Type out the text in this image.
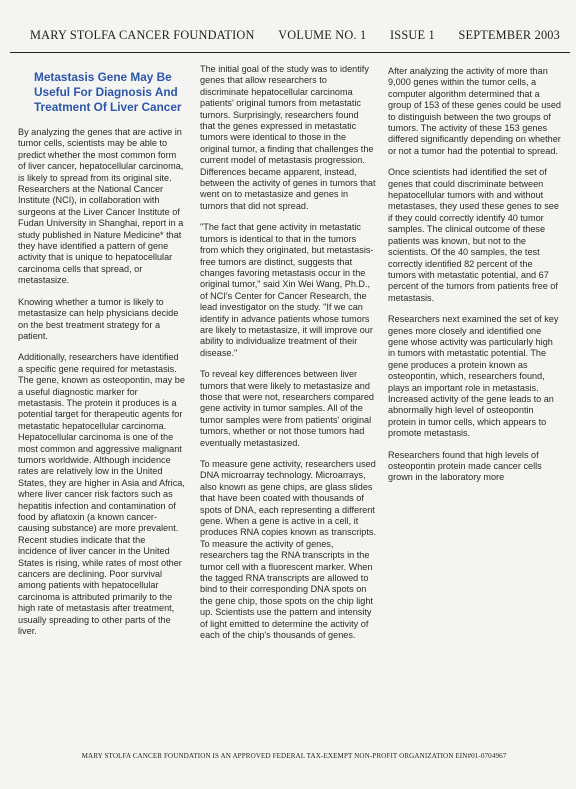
MARY STOLFA CANCER FOUNDATION VOLUME NO. 1 ISSUE 1 SEPTEMBER 2003
Metastasis Gene May Be Useful For Diagnosis And Treatment Of Liver Cancer

By analyzing the genes that are active in tumor cells, scientists may be able to predict whether the most common form of liver cancer, hepatocellular carcinoma, is likely to spread from its original site. Researchers at the National Cancer Institute (NCI), in collaboration with surgeons at the Liver Cancer Institute of Fudan University in Shanghai, report in a study published in Nature Medicine* that they have identified a pattern of gene activity that is unique to hepatocellular carcinoma cells that spread, or metastasize.

Knowing whether a tumor is likely to metastasize can help physicians decide on the best treatment strategy for a patient.

Additionally, researchers have identified a specific gene required for metastasis. The gene, known as osteopontin, may be a useful diagnostic marker for metastasis. The protein it produces is a potential target for therapeutic agents for metastatic hepatocellular carcinoma. Hepatocellular carcinoma is one of the most common and aggressive malignant tumors worldwide. Although incidence rates are relatively low in the United States, they are higher in Asia and Africa, where liver cancer risk factors such as hepatitis infection and contamination of food by aflatoxin (a known cancer-causing substance) are more prevalent. Recent studies indicate that the incidence of liver cancer in the United States is rising, while rates of most other cancers are declining. Poor survival among patients with hepatocellular carcinoma is attributed primarily to the high rate of metastasis after treatment, usually spreading to other parts of the liver.

The initial goal of the study was to identify genes that allow researchers to discriminate hepatocellular carcinoma patients' original tumors from metastatic tumors. Surprisingly, researchers found that the genes expressed in metastatic tumors were identical to those in the original tumor, a finding that challenges the current model of metastasis progression. Differences became apparent, instead, between the activity of genes in tumors that went on to metastasize and genes in tumors that did not spread.

"The fact that gene activity in metastatic tumors is identical to that in the tumors from which they originated, but metastasis-free tumors are distinct, suggests that changes favoring metastasis occur in the original tumor," said Xin Wei Wang, Ph.D., of NCI's Center for Cancer Research, the lead investigator on the study. "If we can identify in advance patients whose tumors are likely to metastasize, it will improve our ability to individualize treatment of their disease."

To reveal key differences between liver tumors that were likely to metastasize and those that were not, researchers compared gene activity in tumor samples. All of the tumor samples were from patients' original tumors, whether or not those tumors had eventually metastasized.

To measure gene activity, researchers used DNA microarray technology. Microarrays, also known as gene chips, are glass slides that have been coated with thousands of spots of DNA, each representing a different gene. When a gene is active in a cell, it produces RNA copies known as transcripts. To measure the activity of genes, researchers tag the RNA transcripts in the tumor cell with a fluorescent marker. When the tagged RNA transcripts are allowed to bind to their corresponding DNA spots on the gene chip, those spots on the chip light up. Scientists use the pattern and intensity of light emitted to determine the activity of each of the chip's thousands of genes.

After analyzing the activity of more than 9,000 genes within the tumor cells, a computer algorithm determined that a group of 153 of these genes could be used to distinguish between the two groups of tumors. The activity of these 153 genes differed significantly depending on whether or not a tumor had the potential to spread.

Once scientists had identified the set of genes that could discriminate between hepatocellular tumors with and without metastases, they used these genes to see if they could correctly identify 40 tumor samples. The clinical outcome of these patients was known, but not to the scientists. Of the 40 samples, the test correctly identified 82 percent of the tumors with metastatic potential, and 67 percent of the tumors from patients free of metastasis.

Researchers next examined the set of key genes more closely and identified one gene whose activity was particularly high in tumors with metastatic potential. The gene produces a protein known as osteopontin, which, researchers found, plays an important role in metastasis. Increased activity of the gene leads to an abnormally high level of osteopontin protein in tumor cells, which appears to promote metastasis.

Researchers found that high levels of osteopontin protein made cancer cells grown in the laboratory more

MARY STOLFA CANCER FOUNDATION IS AN APPROVED FEDERAL TAX-EXEMPT NON-PROFIT ORGANIZATION EIN#01-0704967
